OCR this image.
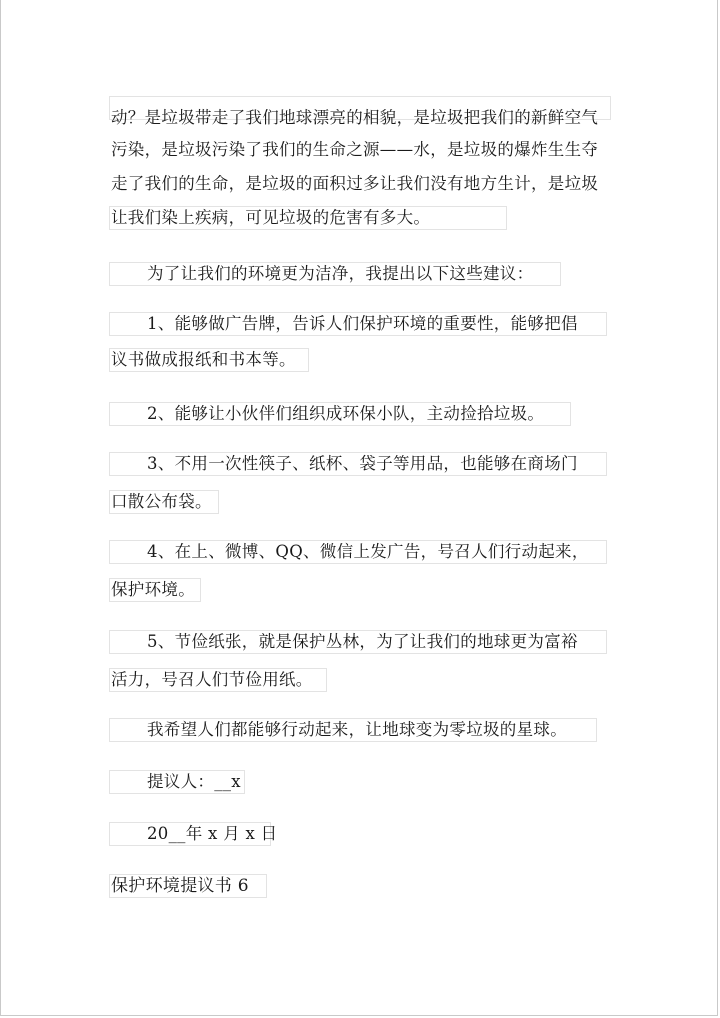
动？是垃圾带走了我们地球漂亮的相貌，是垃圾把我们的新鲜空气
污染，是垃圾污染了我们的生命之源——水，是垃圾的爆炸生生夺
走了我们的生命，是垃圾的面积过多让我们没有地方生计，是垃圾
让我们染上疾病，可见垃圾的危害有多大。
为了让我们的环境更为洁净，我提出以下这些建议：
1、能够做广告牌，告诉人们保护环境的重要性，能够把倡
议书做成报纸和书本等。
2、能够让小伙伴们组织成环保小队，主动捡拾垃圾。
3、不用一次性筷子、纸杯、袋子等用品，也能够在商场门
口散公布袋。
4、在上、微博、QQ、微信上发广告，号召人们行动起来，
保护环境。
5、节俭纸张，就是保护丛林，为了让我们的地球更为富裕
活力，号召人们节俭用纸。
我希望人们都能够行动起来，让地球变为零垃圾的星球。
提议人：__x
20__年 x 月 x 日
保护环境提议书 6
